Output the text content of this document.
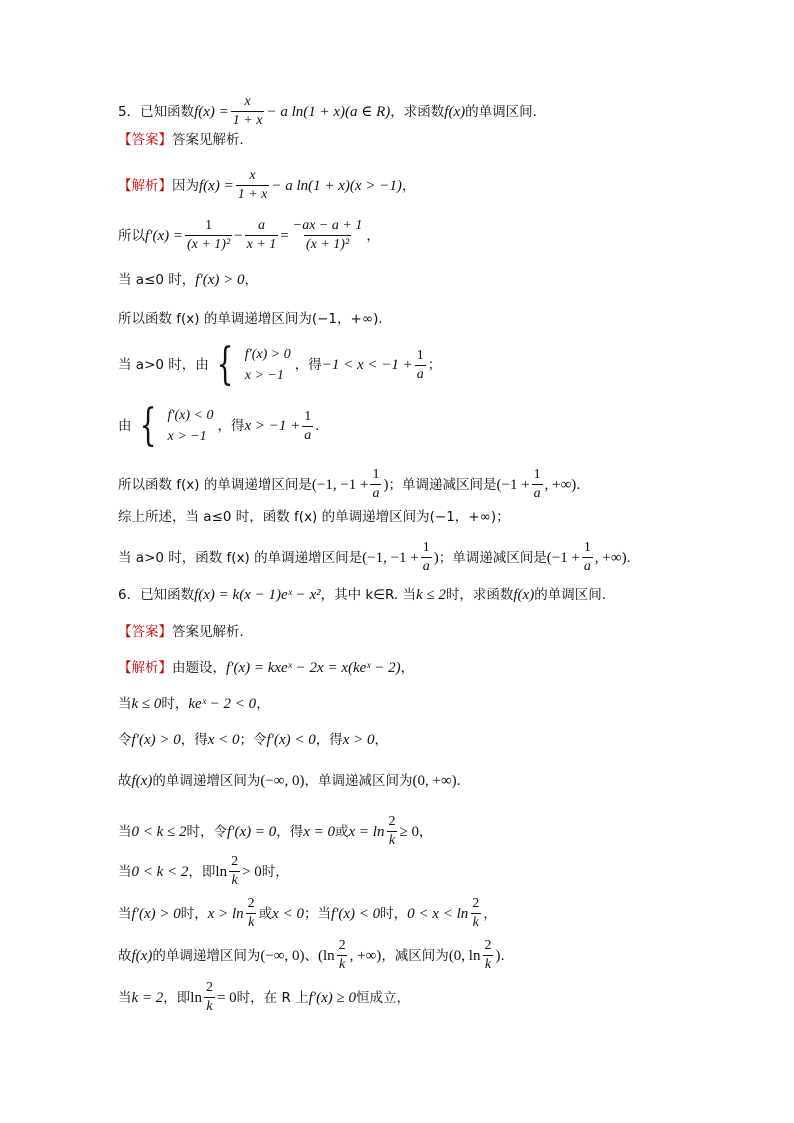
5． 已知函数 $f(x) = \frac{x}{1 + x} - a$ ln(1 + x)(a ∈ R) ，求函数 f(x) 的单调区间．
【答案】 答案见解析．
【解析】 因为 $f(x) = \frac{x}{1 + x} - a$ ln(1 + x)(x > −1) ，
所以 $f'(x) = \frac{1}{\text{(x + 1)²}} - \frac{a}{x + 1} = \frac{-ax - a + 1}{\text{(x + 1)²}}$ ，
当 a≤0 时， f′(x) > 0 ，
所以函数 f(x) 的单调递增区间为(−1，+∞)．
当 a>0 时，由 { f′(x) > 0
x > −1
，得 $-1 < x < -1 + \frac{1}{a}$ ；
由 { f′(x) < 0
x > −1
，得 $x > -1 + \frac{1}{a}$ ．
所以函数 f(x) 的单调递增区间是 (−1, $-1 + \frac{1}{a}$ ) ；单调递减区间是 ($-1 + \frac{1}{a}$ , +∞) ．
综上所述，当 a≤0 时，函数 f(x) 的单调递增区间为(−1，+∞)；
当 a>0 时，函数 f(x) 的单调递增区间是 (−1, $-1 + \frac{1}{a}$ ) ；单调递减区间是 ($-1 + \frac{1}{a}$ , +∞) ．
6． 已知函数 f(x) = k(x − 1)eˣ − x² ，其中 k∈R. 当 k ≤ 2 时，求函数 f(x) 的单调区间．
【答案】 答案见解析．
【解析】 由题设， f′(x) = kxeˣ − 2x = x(keˣ − 2) ，
当 k ≤ 0 时， keˣ − 2 < 0 ，
令 f′(x) > 0 ，得 x < 0 ；令 f′(x) < 0 ，得 x > 0 ，
故 f(x) 的单调递增区间为 (−∞, 0) ，单调递减区间为 (0, +∞) ．
当 0 < k ≤ 2 时，令 f′(x) = 0 ，得 x = 0 或 $x = \ln \frac{2}{k} \ge 0$ ，
当 0 < k < 2 ，即 $\ln \frac{2}{k} > 0$ 时，
当 f′(x) > 0 时， $x > \ln \frac{2}{k}$ 或 x < 0 ；当 f′(x) < 0 时， $0 < x < \ln \frac{2}{k}$ ，
故 f(x) 的单调递增区间为 (−∞, 0) 、 ($\ln \frac{2}{k}$ , +∞) ，减区间为 (0, $\ln \frac{2}{k}$ ) ．
当 k = 2 ，即 $\ln \frac{2}{k} = 0$ 时，在 R 上 f′(x) ≥ 0 恒成立，
